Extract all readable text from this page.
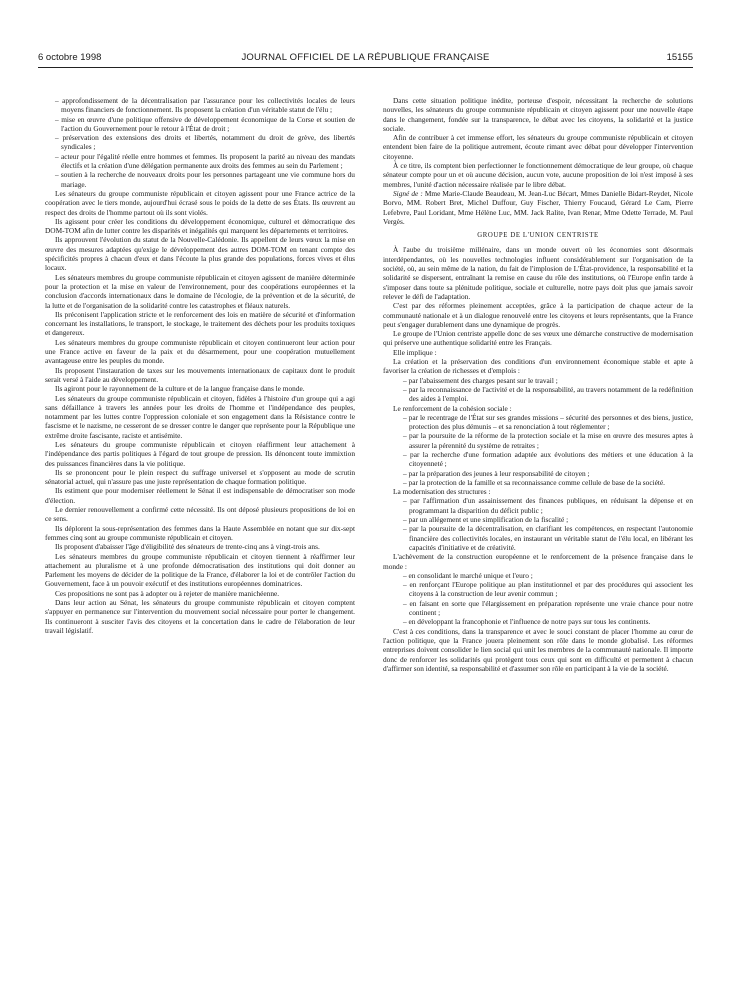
6 octobre 1998	JOURNAL OFFICIEL DE LA RÉPUBLIQUE FRANÇAISE	15155
– approfondissement de la décentralisation par l'assurance pour les collectivités locales de leurs moyens financiers de fonctionnement. Ils proposent la création d'un véritable statut de l'élu ;
– mise en œuvre d'une politique offensive de développement économique de la Corse et soutien de l'action du Gouvernement pour le retour à l'État de droit ;
– préservation des extensions des droits et libertés, notamment du droit de grève, des libertés syndicales ;
– acteur pour l'égalité réelle entre hommes et femmes. Ils proposent la parité au niveau des mandats électifs et la création d'une délégation permanente aux droits des femmes au sein du Parlement ;
– soutien à la recherche de nouveaux droits pour les personnes partageant une vie commune hors du mariage.

Les sénateurs du groupe communiste républicain et citoyen agissent pour une France actrice de la coopération avec le tiers monde, aujourd'hui écrasé sous le poids de la dette de ses États. Ils œuvrent au respect des droits de l'homme partout où ils sont violés.

Ils agissent pour créer les conditions du développement économique, culturel et démocratique des DOM-TOM afin de lutter contre les disparités et inégalités qui marquent les départements et territoires.

Ils approuvent l'évolution du statut de la Nouvelle-Calédonie. Ils appellent de leurs vœux la mise en œuvre des mesures adaptées qu'exige le développement des autres DOM-TOM en tenant compte des spécificités propres à chacun d'eux et dans l'écoute la plus grande des populations, forces vives et élus locaux.

Les sénateurs membres du groupe communiste républicain et citoyen agissent de manière déterminée pour la protection et la mise en valeur de l'environnement, pour des coopérations européennes et la conclusion d'accords internationaux dans le domaine de l'écologie, de la prévention et de la sécurité, de la lutte et de l'organisation de la solidarité contre les catastrophes et fléaux naturels.

Ils préconisent l'application stricte et le renforcement des lois en matière de sécurité et d'information concernant les installations, le transport, le stockage, le traitement des déchets pour les produits toxiques et dangereux.

Les sénateurs membres du groupe communiste républicain et citoyen continueront leur action pour une France active en faveur de la paix et du désarmement, pour une coopération mutuellement avantageuse entre les peuples du monde.

Ils proposent l'instauration de taxes sur les mouvements internationaux de capitaux dont le produit serait versé à l'aide au développement.

Ils agiront pour le rayonnement de la culture et de la langue française dans le monde.

Les sénateurs du groupe communiste républicain et citoyen, fidèles à l'histoire d'un groupe qui a agi sans défaillance à travers les années pour les droits de l'homme et l'indépendance des peuples, notamment par les luttes contre l'oppression coloniale et son engagement dans la Résistance contre le fascisme et le nazisme, ne cesseront de se dresser contre le danger que représente pour la République une extrême droite fascisante, raciste et antisémite.

Les sénateurs du groupe communiste républicain et citoyen réaffirment leur attachement à l'indépendance des partis politiques à l'égard de tout groupe de pression. Ils dénoncent toute immixtion des puissances financières dans la vie politique.

Ils se prononcent pour le plein respect du suffrage universel et s'opposent au mode de scrutin sénatorial actuel, qui n'assure pas une juste représentation de chaque formation politique.

Ils estiment que pour moderniser réellement le Sénat il est indispensable de démocratiser son mode d'élection.

Le dernier renouvellement a confirmé cette nécessité. Ils ont déposé plusieurs propositions de loi en ce sens.

Ils déplorent la sous-représentation des femmes dans la Haute Assemblée en notant que sur dix-sept femmes cinq sont au groupe communiste républicain et citoyen.

Ils proposent d'abaisser l'âge d'éligibilité des sénateurs de trente-cinq ans à vingt-trois ans.

Les sénateurs membres du groupe communiste républicain et citoyen tiennent à réaffirmer leur attachement au pluralisme et à une profonde démocratisation des institutions qui doit donner au Parlement les moyens de décider de la politique de la France, d'élaborer la loi et de contrôler l'action du Gouvernement, face à un pouvoir exécutif et des institutions européennes dominatrices.

Ces propositions ne sont pas à adopter ou à rejeter de manière manichéenne.

Dans leur action au Sénat, les sénateurs du groupe communiste républicain et citoyen comptent s'appuyer en permanence sur l'intervention du mouvement social nécessaire pour porter le changement. Ils continueront à susciter l'avis des citoyens et la concertation dans le cadre de l'élaboration de leur travail législatif.

Dans cette situation politique inédite, porteuse d'espoir, nécessitant la recherche de solutions nouvelles, les sénateurs du groupe communiste républicain et citoyen agissent pour une nouvelle étape dans le changement, fondée sur la transparence, le débat avec les citoyens, la solidarité et la justice sociale.

Afin de contribuer à cet immense effort, les sénateurs du groupe communiste républicain et citoyen entendent bien faire de la politique autrement, écoute rimant avec débat pour développer l'intervention citoyenne.

À ce titre, ils comptent bien perfectionner le fonctionnement démocratique de leur groupe, où chaque sénateur compte pour un et où aucune décision, aucun vote, aucune proposition de loi n'est imposé à ses membres, l'unité d'action nécessaire réalisée par le libre débat.

Signé de : Mme Marie-Claude Beaudeau, M. Jean-Luc Bécart, Mmes Danielle Bidart-Reydet, Nicole Borvo, MM. Robert Bret, Michel Duffour, Guy Fischer, Thierry Foucaud, Gérard Le Cam, Pierre Lefebvre, Paul Loridant, Mme Hélène Luc, MM. Jack Ralite, Ivan Renar, Mme Odette Terrade, M. Paul Vergès.

GROUPE DE L'UNION CENTRISTE

À l'aube du troisième millénaire, dans un monde ouvert où les économies sont désormais interdépendantes, où les nouvelles technologies influent considérablement sur l'organisation de la société, où, au sein même de la nation, du fait de l'implosion de L'État-providence, la responsabilité et la solidarité se dispersent, entraînant la remise en cause du rôle des institutions, où l'Europe enfin tarde à s'imposer dans toute sa plénitude politique, sociale et culturelle, notre pays doit plus que jamais savoir relever le défi de l'adaptation.

C'est par des réformes pleinement acceptées, grâce à la participation de chaque acteur de la communauté nationale et à un dialogue renouvelé entre les citoyens et leurs représentants, que la France peut s'engager durablement dans une dynamique de progrès.

Le groupe de l'Union centriste appelle donc de ses vœux une démarche constructive de modernisation qui préserve une authentique solidarité entre les Français.

Elle implique :

La création et la préservation des conditions d'un environnement économique stable et apte à favoriser la création de richesses et d'emplois :

– par l'abaissement des charges pesant sur le travail ;
– par la reconnaissance de l'activité et de la responsabilité, au travers notamment de la redéfinition des aides à l'emploi.

Le renforcement de la cohésion sociale :

– par le recentrage de l'État sur ses grandes missions – sécurité des personnes et des biens, justice, protection des plus démunis – et sa renonciation à tout réglementer ;
– par la poursuite de la réforme de la protection sociale et la mise en œuvre des mesures aptes à assurer la pérennité du système de retraites ;
– par la recherche d'une formation adaptée aux évolutions des métiers et une éducation à la citoyenneté ;
– par la préparation des jeunes à leur responsabilité de citoyen ;
– par la protection de la famille et sa reconnaissance comme cellule de base de la société.

La modernisation des structures :

– par l'affirmation d'un assainissement des finances publiques, en réduisant la dépense et en programmant la disparition du déficit public ;
– par un allégement et une simplification de la fiscalité ;
– par la poursuite de la décentralisation, en clarifiant les compétences, en respectant l'autonomie financière des collectivités locales, en instaurant un véritable statut de l'élu local, en libérant les capacités d'initiative et de créativité.

L'achèvement de la construction européenne et le renforcement de la présence française dans le monde :

– en consolidant le marché unique et l'euro ;
– en renforçant l'Europe politique au plan institutionnel et par des procédures qui associent les citoyens à la construction de leur avenir commun ;
– en faisant en sorte que l'élargissement en préparation représente une vraie chance pour notre continent ;
– en développant la francophonie et l'influence de notre pays sur tous les continents.

C'est à ces conditions, dans la transparence et avec le souci constant de placer l'homme au cœur de l'action politique, que la France jouera pleinement son rôle dans le monde globalisé. Les réformes entreprises doivent consolider le lien social qui unit les membres de la communauté nationale. Il importe donc de renforcer les solidarités qui protègent tous ceux qui sont en difficulté et permettent à chacun d'affirmer son identité, sa responsabilité et d'assumer son rôle en participant à la vie de la société.
